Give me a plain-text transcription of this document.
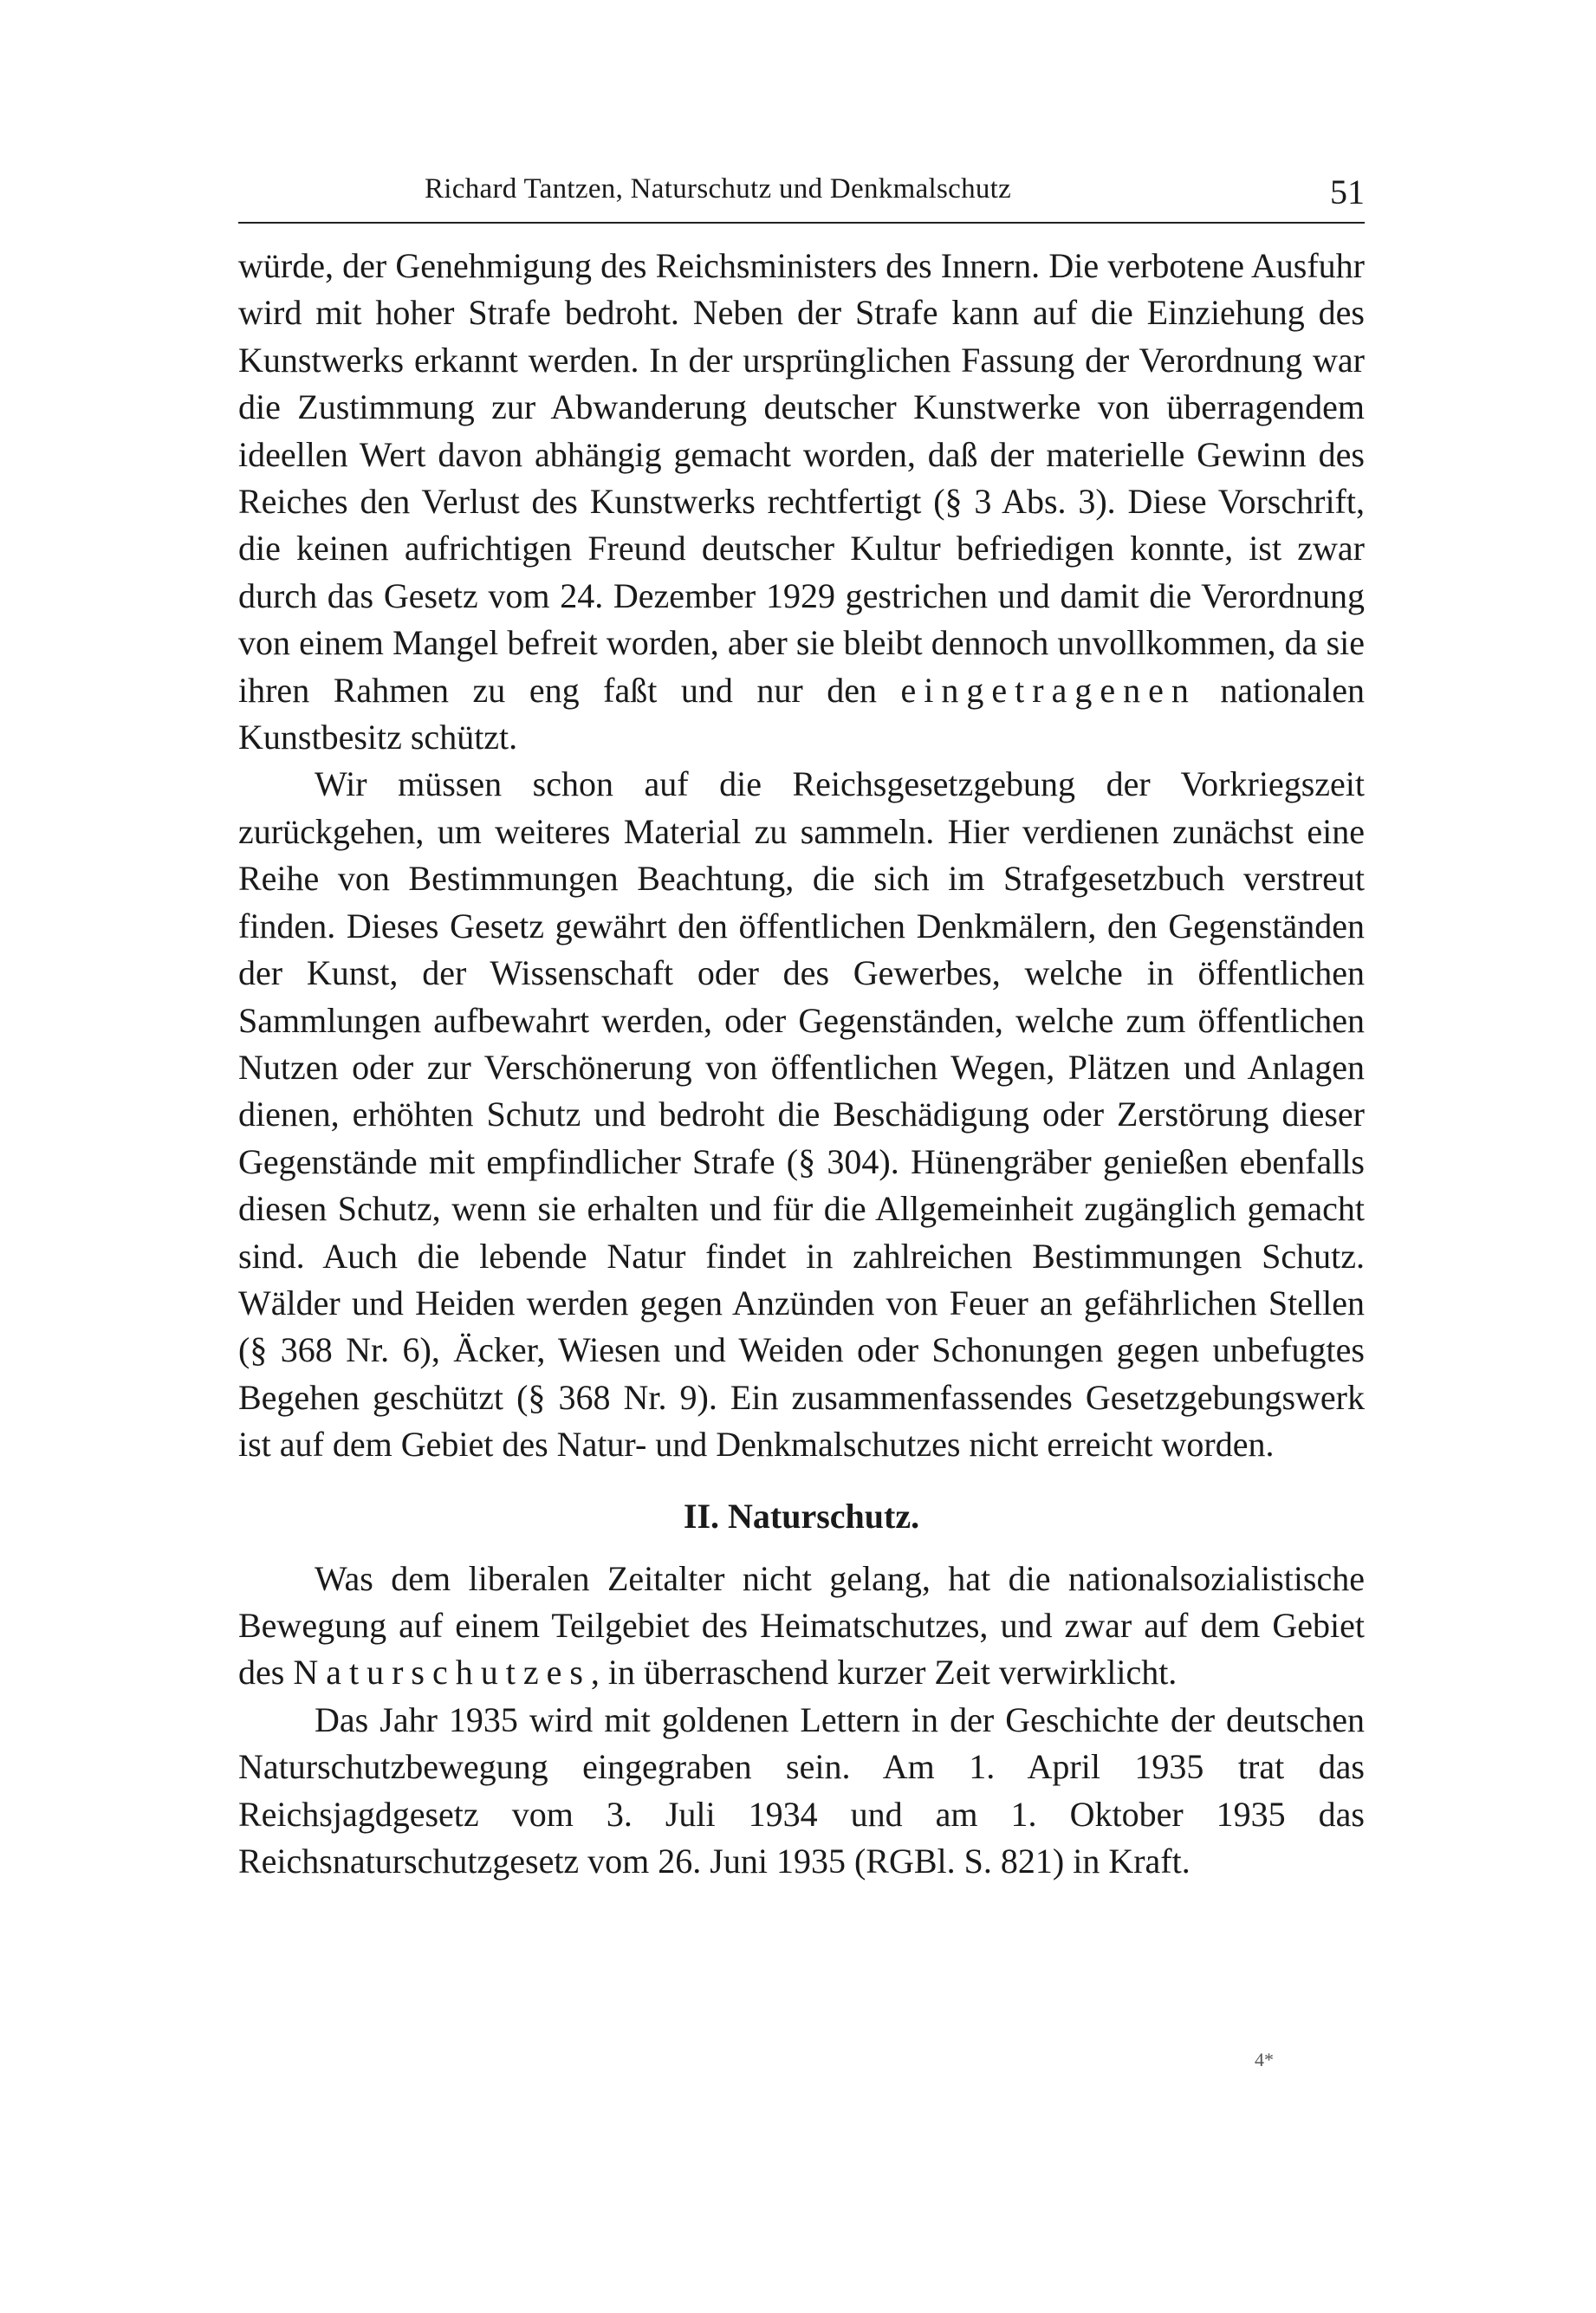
Richard Tantzen, Naturschutz und Denkmalschutz	51

würde, der Genehmigung des Reichsministers des Innern. Die verbotene Ausfuhr wird mit hoher Strafe bedroht. Neben der Strafe kann auf die Einziehung des Kunstwerks erkannt werden. In der ursprünglichen Fassung der Verordnung war die Zustimmung zur Abwanderung deutscher Kunstwerke von überragendem ideellen Wert davon abhängig gemacht worden, daß der materielle Gewinn des Reiches den Verlust des Kunstwerks rechtfertigt (§ 3 Abs. 3). Diese Vorschrift, die keinen aufrichtigen Freund deutscher Kultur befriedigen konnte, ist zwar durch das Gesetz vom 24. Dezember 1929 gestrichen und damit die Verordnung von einem Mangel befreit worden, aber sie bleibt dennoch unvollkommen, da sie ihren Rahmen zu eng faßt und nur den eingetragenen nationalen Kunstbesitz schützt.

Wir müssen schon auf die Reichsgesetzgebung der Vorkriegszeit zurückgehen, um weiteres Material zu sammeln. Hier verdienen zunächst eine Reihe von Bestimmungen Beachtung, die sich im Strafgesetzbuch verstreut finden. Dieses Gesetz gewährt den öffentlichen Denkmälern, den Gegenständen der Kunst, der Wissenschaft oder des Gewerbes, welche in öffentlichen Sammlungen aufbewahrt werden, oder Gegenständen, welche zum öffentlichen Nutzen oder zur Verschönerung von öffentlichen Wegen, Plätzen und Anlagen dienen, erhöhten Schutz und bedroht die Beschädigung oder Zerstörung dieser Gegenstände mit empfindlicher Strafe (§ 304). Hünengräber genießen ebenfalls diesen Schutz, wenn sie erhalten und für die Allgemeinheit zugänglich gemacht sind. Auch die lebende Natur findet in zahlreichen Bestimmungen Schutz. Wälder und Heiden werden gegen Anzünden von Feuer an gefährlichen Stellen (§ 368 Nr. 6), Äcker, Wiesen und Weiden oder Schonungen gegen unbefugtes Begehen geschützt (§ 368 Nr. 9). Ein zusammenfassendes Gesetzgebungswerk ist auf dem Gebiet des Natur- und Denkmalschutzes nicht erreicht worden.

II. Naturschutz.

Was dem liberalen Zeitalter nicht gelang, hat die nationalsozialistische Bewegung auf einem Teilgebiet des Heimatschutzes, und zwar auf dem Gebiet des Naturschutzes, in überraschend kurzer Zeit verwirklicht.

Das Jahr 1935 wird mit goldenen Lettern in der Geschichte der deutschen Naturschutzbewegung eingegraben sein. Am 1. April 1935 trat das Reichsjagdgesetz vom 3. Juli 1934 und am 1. Oktober 1935 das Reichsnaturschutzgesetz vom 26. Juni 1935 (RGBl. S. 821) in Kraft.

4*
